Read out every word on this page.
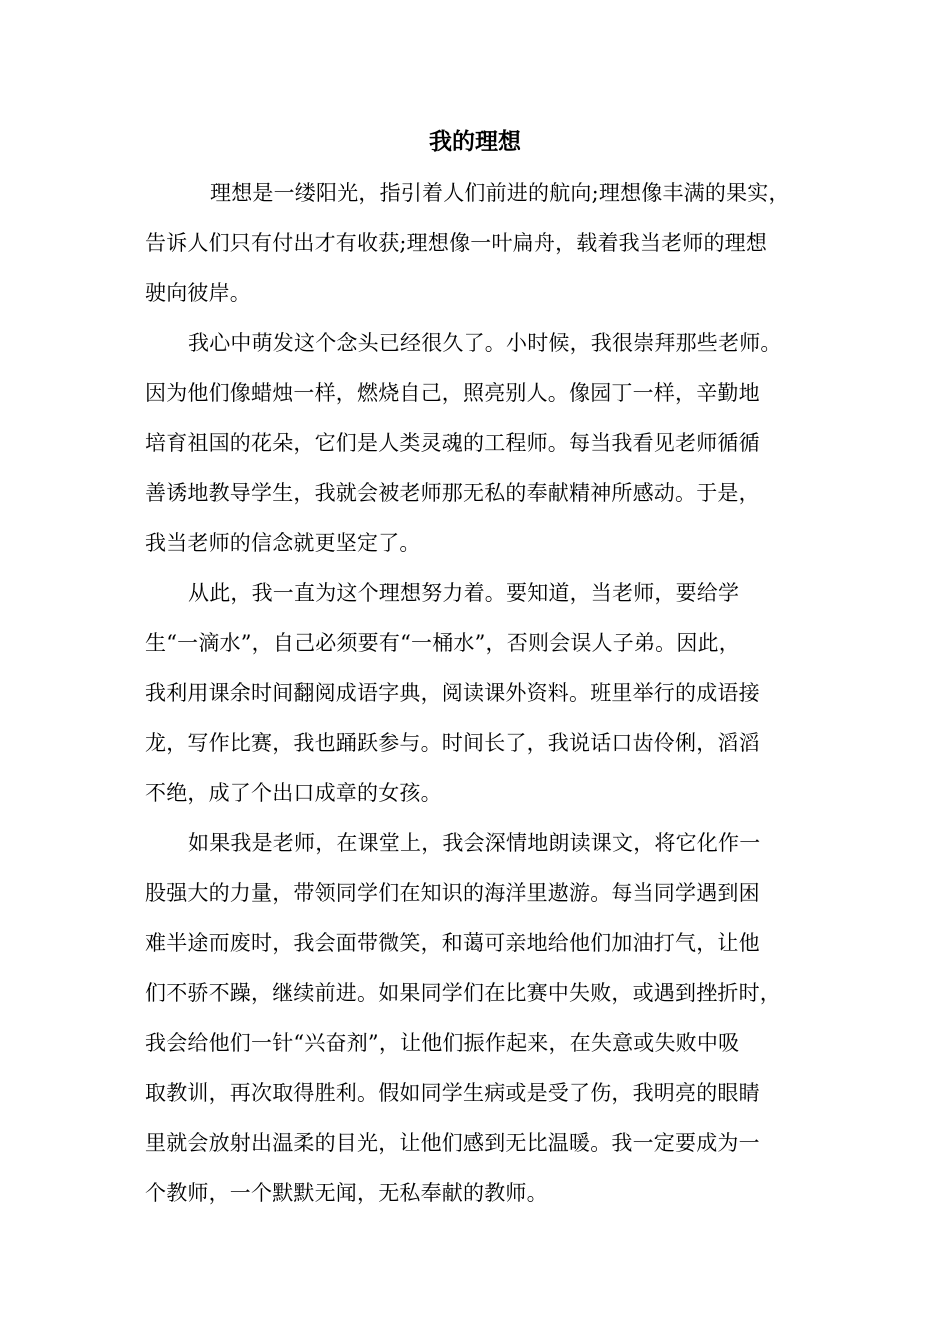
我的理想
理想是一缕阳光，指引着人们前进的航向;理想像丰满的果实，
告诉人们只有付出才有收获;理想像一叶扁舟，载着我当老师的理想
驶向彼岸。
我心中萌发这个念头已经很久了。小时候，我很崇拜那些老师。
因为他们像蜡烛一样，燃烧自己，照亮别人。像园丁一样，辛勤地
培育祖国的花朵，它们是人类灵魂的工程师。每当我看见老师循循
善诱地教导学生，我就会被老师那无私的奉献精神所感动。于是，
我当老师的信念就更坚定了。
从此，我一直为这个理想努力着。要知道，当老师，要给学
生“一滴水”，自己必须要有“一桶水”，否则会误人子弟。因此，
我利用课余时间翻阅成语字典，阅读课外资料。班里举行的成语接
龙，写作比赛，我也踊跃参与。时间长了，我说话口齿伶俐，滔滔
不绝，成了个出口成章的女孩。
如果我是老师，在课堂上，我会深情地朗读课文，将它化作一
股强大的力量，带领同学们在知识的海洋里遨游。每当同学遇到困
难半途而废时，我会面带微笑，和蔼可亲地给他们加油打气，让他
们不骄不躁，继续前进。如果同学们在比赛中失败，或遇到挫折时，
我会给他们一针“兴奋剂”，让他们振作起来，在失意或失败中吸
取教训，再次取得胜利。假如同学生病或是受了伤，我明亮的眼睛
里就会放射出温柔的目光，让他们感到无比温暖。我一定要成为一
个教师，一个默默无闻，无私奉献的教师。
